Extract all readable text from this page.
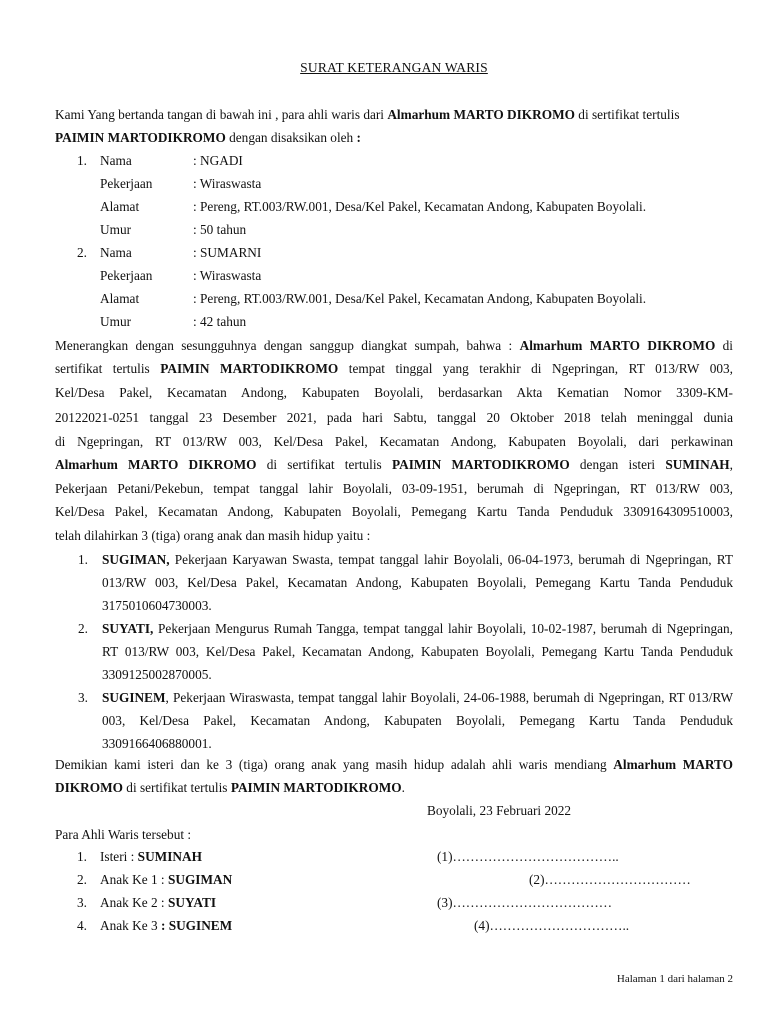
SURAT KETERANGAN WARIS
Kami Yang bertanda tangan di bawah ini , para ahli waris dari Almarhum MARTO DIKROMO di sertifikat tertulis
PAIMIN MARTODIKROMO dengan disaksikan oleh :
1. Nama	: NGADI
Pekerjaan	: Wiraswasta
Alamat	: Pereng, RT.003/RW.001, Desa/Kel Pakel, Kecamatan Andong, Kabupaten Boyolali.
Umur	: 50 tahun
2. Nama	: SUMARNI
Pekerjaan	: Wiraswasta
Alamat	: Pereng, RT.003/RW.001, Desa/Kel Pakel, Kecamatan Andong, Kabupaten Boyolali.
Umur	: 42 tahun
Menerangkan dengan sesungguhnya dengan sanggup diangkat sumpah, bahwa : Almarhum MARTO DIKROMO di
sertifikat tertulis PAIMIN MARTODIKROMO tempat tinggal yang terakhir di Ngepringan, RT 013/RW 003,
Kel/Desa Pakel, Kecamatan Andong, Kabupaten Boyolali, berdasarkan Akta Kematian Nomor 3309-KM-
20122021-0251 tanggal 23 Desember 2021, pada hari Sabtu, tanggal 20 Oktober 2018 telah meninggal dunia
di Ngepringan, RT 013/RW 003, Kel/Desa Pakel, Kecamatan Andong, Kabupaten Boyolali, dari perkawinan
Almarhum MARTO DIKROMO di sertifikat tertulis PAIMIN MARTODIKROMO dengan isteri SUMINAH,
Pekerjaan Petani/Pekebun, tempat tanggal lahir Boyolali, 03-09-1951, berumah di Ngepringan, RT 013/RW 003,
Kel/Desa Pakel, Kecamatan Andong, Kabupaten Boyolali, Pemegang Kartu Tanda Penduduk 3309164309510003,
telah dilahirkan 3 (tiga) orang anak dan masih hidup yaitu :
1. SUGIMAN, Pekerjaan Karyawan Swasta, tempat tanggal lahir Boyolali, 06-04-1973, berumah di Ngepringan, RT 013/RW 003, Kel/Desa Pakel, Kecamatan Andong, Kabupaten Boyolali, Pemegang Kartu Tanda Penduduk 3175010604730003.
2. SUYATI, Pekerjaan Mengurus Rumah Tangga, tempat tanggal lahir Boyolali, 10-02-1987, berumah di Ngepringan, RT 013/RW 003, Kel/Desa Pakel, Kecamatan Andong, Kabupaten Boyolali, Pemegang Kartu Tanda Penduduk 3309125002870005.
3. SUGINEM, Pekerjaan Wiraswasta, tempat tanggal lahir Boyolali, 24-06-1988, berumah di Ngepringan, RT 013/RW 003, Kel/Desa Pakel, Kecamatan Andong, Kabupaten Boyolali, Pemegang Kartu Tanda Penduduk 3309166406880001.
Demikian kami isteri dan ke 3 (tiga) orang anak yang masih hidup adalah ahli waris mendiang Almarhum MARTO
DIKROMO di sertifikat tertulis PAIMIN MARTODIKROMO.
Boyolali, 23 Februari 2022
Para Ahli Waris tersebut :
1. Isteri : SUMINAH	(1)………………………………..
2. Anak Ke 1 : SUGIMAN	(2)……………………………
3. Anak Ke 2 : SUYATI	(3)………………………………
4. Anak Ke 3 : SUGINEM	(4)…………………………..
Halaman 1 dari halaman 2
